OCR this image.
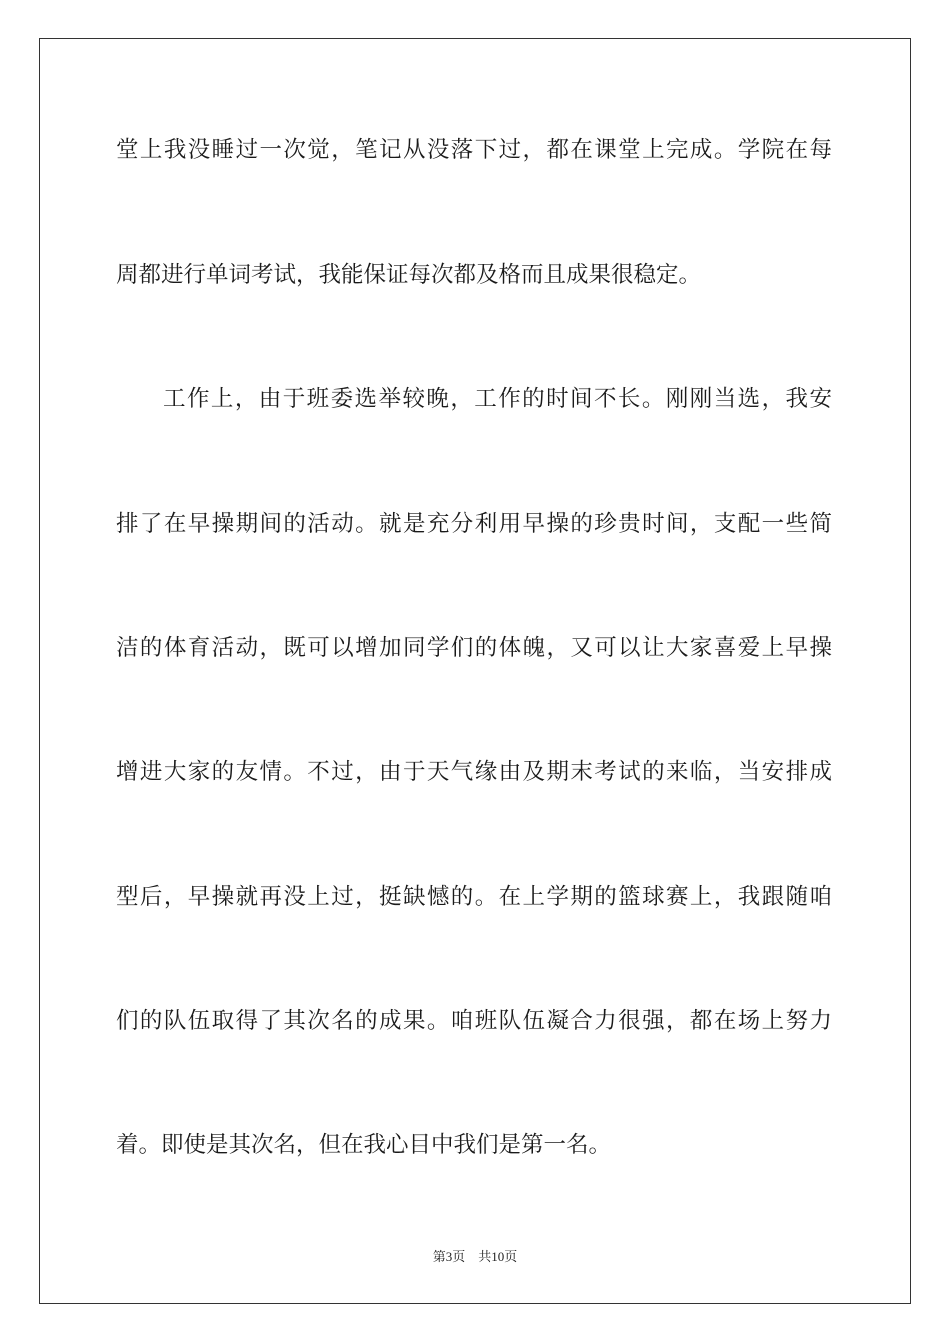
堂上我没睡过一次觉，笔记从没落下过，都在课堂上完成。学院在每
周都进行单词考试，我能保证每次都及格而且成果很稳定。
工作上，由于班委选举较晚，工作的时间不长。刚刚当选，我安
排了在早操期间的活动。就是充分利用早操的珍贵时间，支配一些简
洁的体育活动，既可以增加同学们的体魄，又可以让大家喜爱上早操
增进大家的友情。不过，由于天气缘由及期末考试的来临，当安排成
型后，早操就再没上过，挺缺憾的。在上学期的篮球赛上，我跟随咱
们的队伍取得了其次名的成果。咱班队伍凝合力很强，都在场上努力
着。即使是其次名，但在我心目中我们是第一名。
第3页　共10页
